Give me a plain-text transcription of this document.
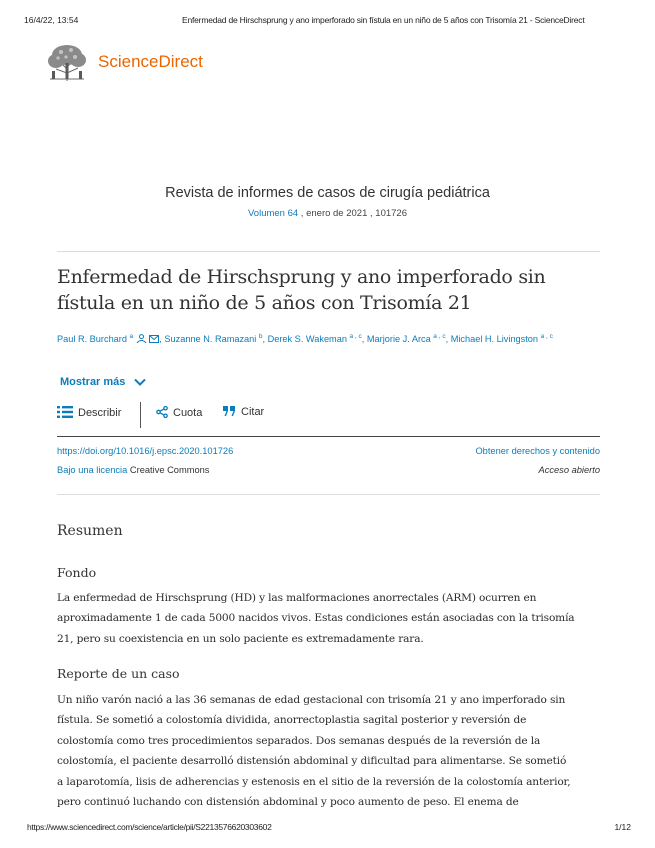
16/4/22, 13:54	Enfermedad de Hirschsprung y ano imperforado sin fístula en un niño de 5 años con Trisomía 21 - ScienceDirect
ScienceDirect
Revista de informes de casos de cirugía pediátrica
Volumen 64 , enero de 2021 , 101726
Enfermedad de Hirschsprung y ano imperforado sin fístula en un niño de 5 años con Trisomía 21
Paul R. Burchard $^a$	, Suzanne N. Ramazani $^b$, Derek S. Wakeman $^{a , c}$, Marjorie J. Arca $^{a , c}$, Michael H. Livingston $^{a , c}$
Mostrar más
Describir	Cuota	Citar
https://doi.org/10.1016/j.epsc.2020.101726	Obtener derechos y contenido
Bajo una licencia Creative Commons	Acceso abierto
Resumen
Fondo
La enfermedad de Hirschsprung (HD) y las malformaciones anorrectales (ARM) ocurren en
aproximadamente 1 de cada 5000 nacidos vivos. Estas condiciones están asociadas con la trisomía
21, pero su coexistencia en un solo paciente es extremadamente rara.
Reporte de un caso
Un niño varón nació a las 36 semanas de edad gestacional con trisomía 21 y ano imperforado sin
fístula. Se sometió a colostomía dividida, anorrectoplastia sagital posterior y reversión de
colostomía como tres procedimientos separados. Dos semanas después de la reversión de la
colostomía, el paciente desarrolló distensión abdominal y dificultad para alimentarse. Se sometió
a laparotomía, lisis de adherencias y estenosis en el sitio de la reversión de la colostomía anterior,
pero continuó luchando con distensión abdominal y poco aumento de peso. El enema de
https://www.sciencedirect.com/science/article/pii/S2213576620303602	1/12
